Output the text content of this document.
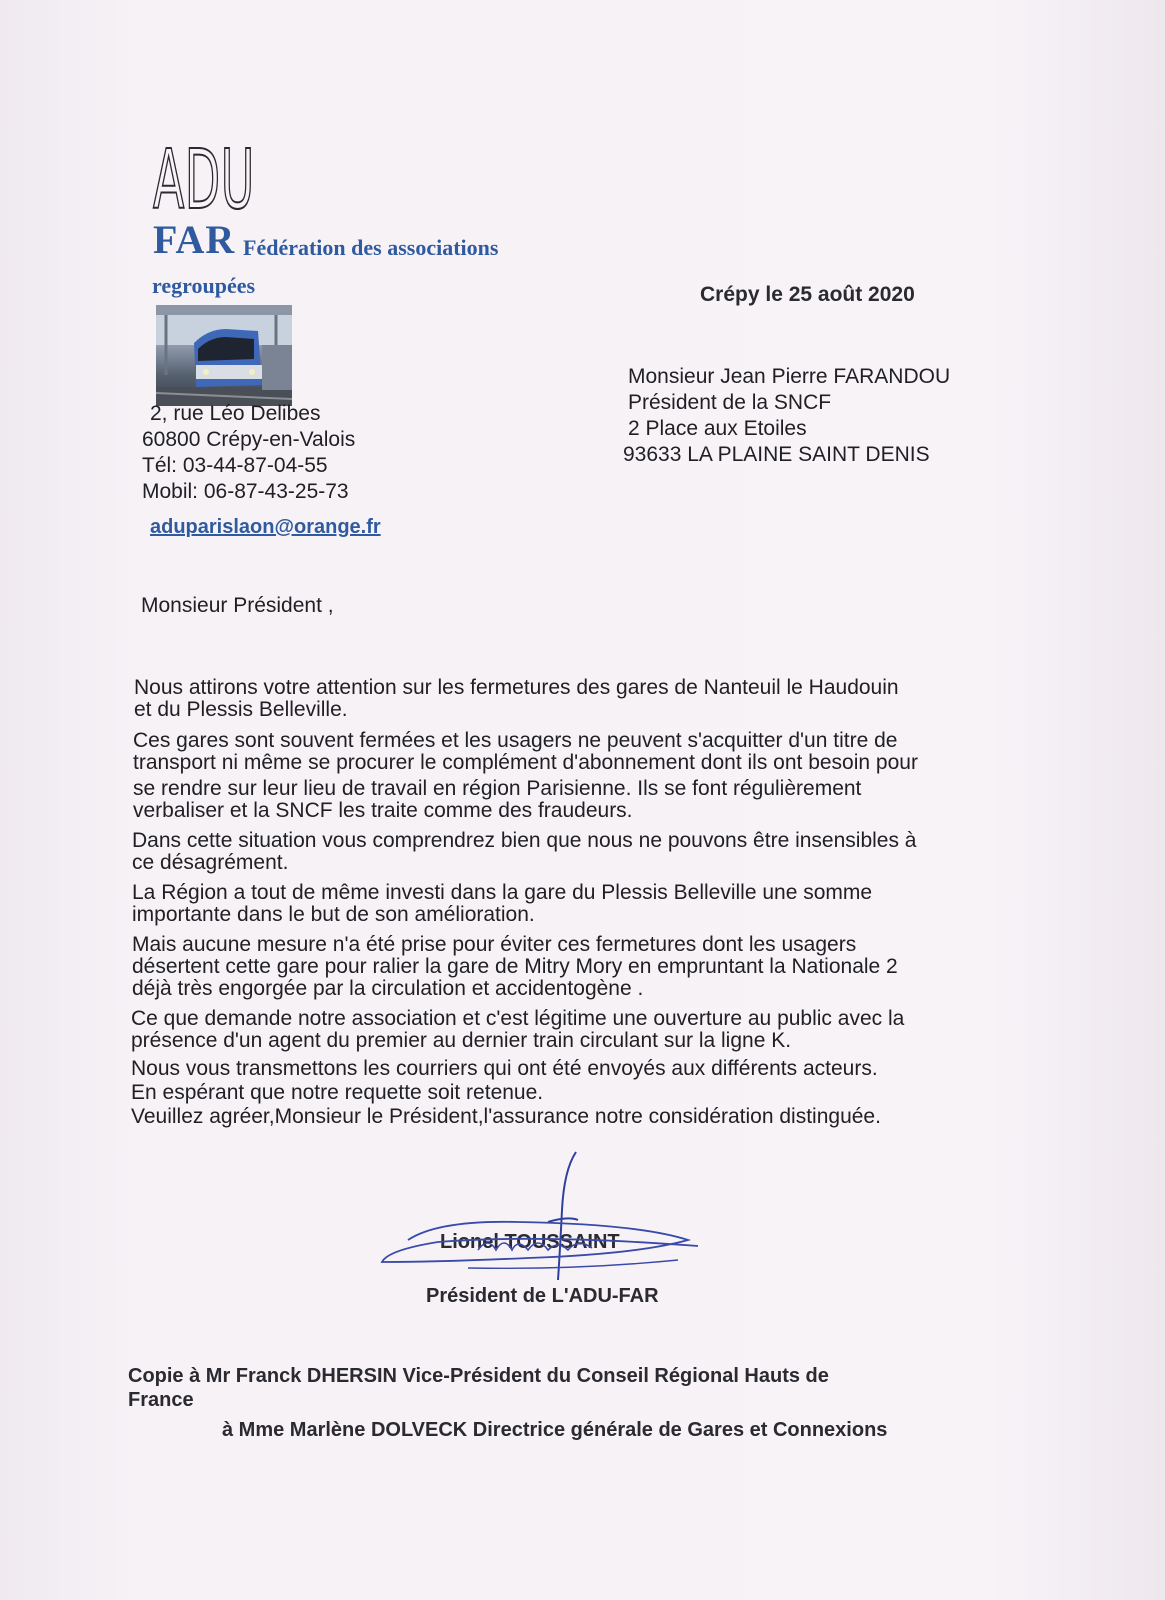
ADU
FAR Fédération des associations
regroupées
2, rue Léo Delibes
60800 Crépy-en-Valois
Tél: 03-44-87-04-55
Mobil: 06-87-43-25-73
aduparislaon@orange.fr
Crépy le 25 août 2020
Monsieur Jean Pierre FARANDOU
Président de la SNCF
2 Place aux Etoiles
93633 LA PLAINE SAINT DENIS
Monsieur Président ,
Nous attirons votre attention sur les fermetures des gares de Nanteuil le Haudouin
et du Plessis Belleville.
Ces gares sont souvent fermées et les usagers ne peuvent s'acquitter d'un titre de
transport ni même se procurer le complément d'abonnement dont ils ont besoin pour
se rendre sur leur lieu de travail en région Parisienne. Ils se font régulièrement
verbaliser et la SNCF les traite comme des fraudeurs.
Dans cette situation vous comprendrez bien que nous ne pouvons être insensibles à
ce désagrément.
La Région a tout de même investi dans la gare du Plessis Belleville une somme
importante dans le but de son amélioration.
Mais aucune mesure n'a été prise pour éviter ces fermetures dont les usagers
désertent cette gare pour ralier la gare de Mitry Mory en empruntant la Nationale 2
déjà très engorgée par la circulation et accidentogène .
Ce que demande notre association et c'est légitime une ouverture au public avec la
présence d'un agent du premier au dernier train circulant sur la ligne K.
Nous vous transmettons les courriers qui ont été envoyés aux différents acteurs.
En espérant que notre requette soit retenue.
Veuillez agréer,Monsieur le Président,l'assurance notre considération distinguée.
Lionel TOUSSAINT
Président de L'ADU-FAR
Copie à Mr Franck DHERSIN Vice-Président du Conseil Régional Hauts de
France
à Mme Marlène DOLVECK Directrice générale de Gares et Connexions
